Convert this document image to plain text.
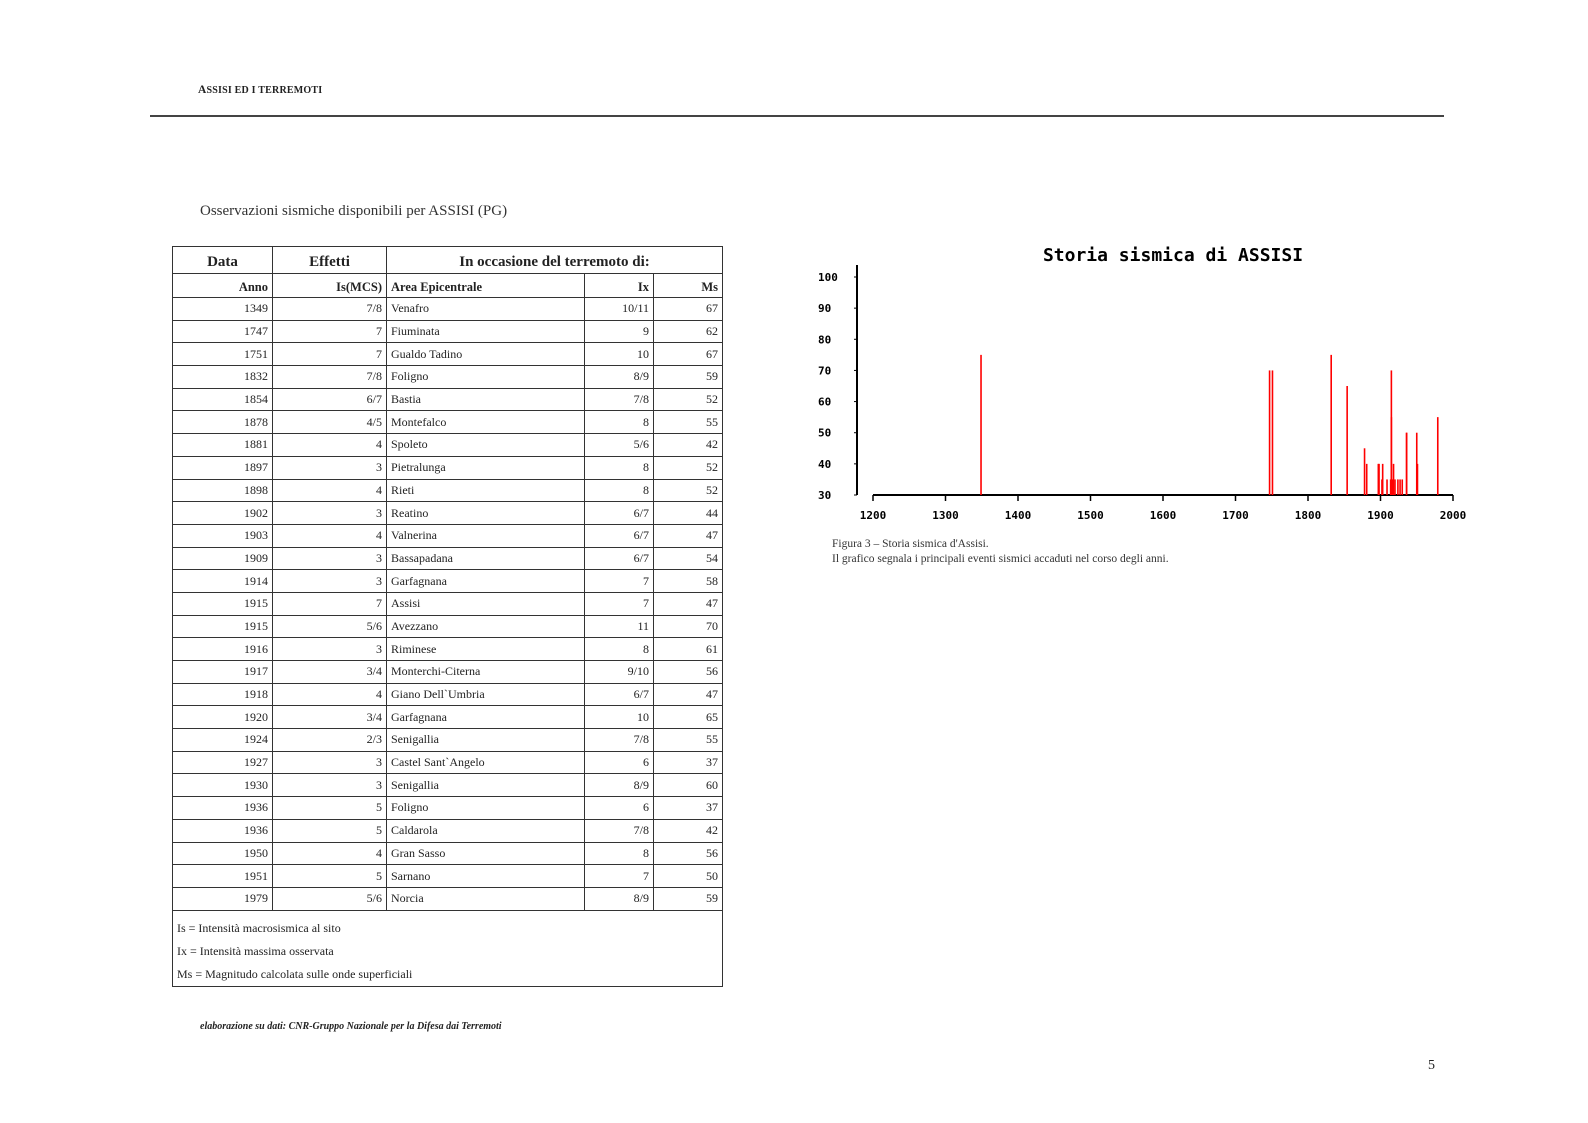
ASSISI ED I TERREMOTI
Osservazioni sismiche disponibili per ASSISI (PG)
Data	Effetti	In occasione del terremoto di:		
Anno	Is(MCS)	Area Epicentrale	Ix	Ms
1349	7/8	Venafro	10/11	67
1747	7	Fiuminata	9	62
1751	7	Gualdo Tadino	10	67
1832	7/8	Foligno	8/9	59
1854	6/7	Bastia	7/8	52
1878	4/5	Montefalco	8	55
1881	4	Spoleto	5/6	42
1897	3	Pietralunga	8	52
1898	4	Rieti	8	52
1902	3	Reatino	6/7	44
1903	4	Valnerina	6/7	47
1909	3	Bassapadana	6/7	54
1914	3	Garfagnana	7	58
1915	7	Assisi	7	47
1915	5/6	Avezzano	11	70
1916	3	Riminese	8	61
1917	3/4	Monterchi-Citerna	9/10	56
1918	4	Giano Dell`Umbria	6/7	47
1920	3/4	Garfagnana	10	65
1924	2/3	Senigallia	7/8	55
1927	3	Castel Sant`Angelo	6	37
1930	3	Senigallia	8/9	60
1936	5	Foligno	6	37
1936	5	Caldarola	7/8	42
1950	4	Gran Sasso	8	56
1951	5	Sarnano	7	50
1979	5/6	Norcia	8/9	59

Is = Intensità macrosismica al sito
Ix = Intensità massima osservata
Ms = Magnitudo calcolata sulle onde superficiali				
elaborazione su dati: CNR-Gruppo Nazionale per la Difesa dai Terremoti
Storia sismica di ASSISI
30
40
50
60
70
80
90
100
1200	1300	1400	1500	1600	1700	1800	1900	2000
Figura 3 – Storia sismica d'Assisi.
Il grafico segnala i principali eventi sismici accaduti nel corso degli anni.
5
